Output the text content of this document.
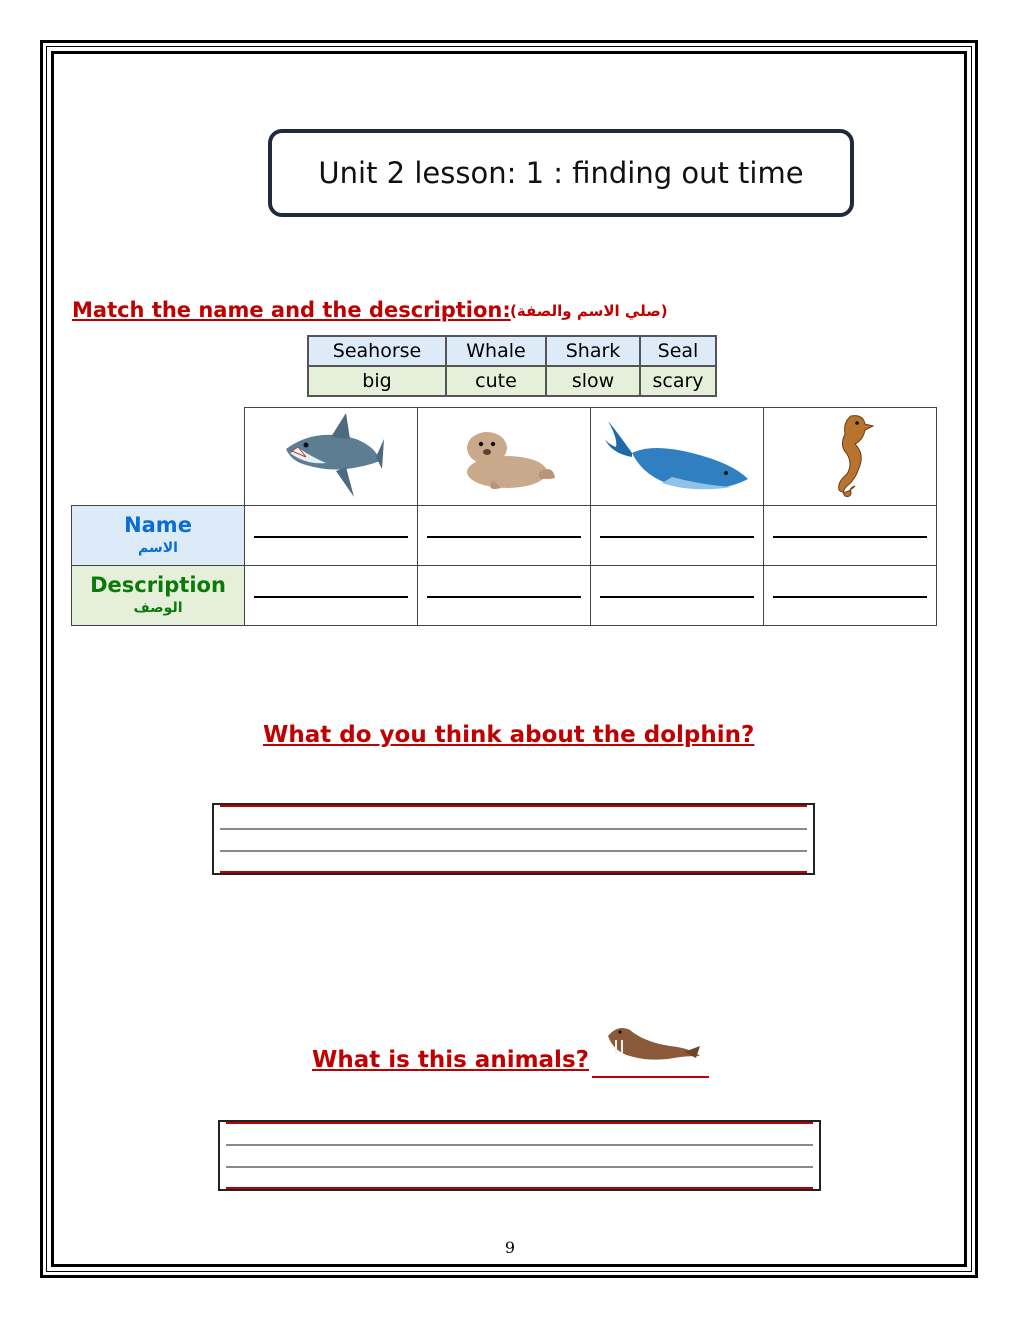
Unit 2 lesson: 1 : finding out time
Match the name and the description: (صلي الاسم والصفة)
Seahorse	Whale	Shark	Seal
big	cute	slow	scary

Name
الاسم				

Description
الوصف				

What do you think about the dolphin?
What is this animals?
9
